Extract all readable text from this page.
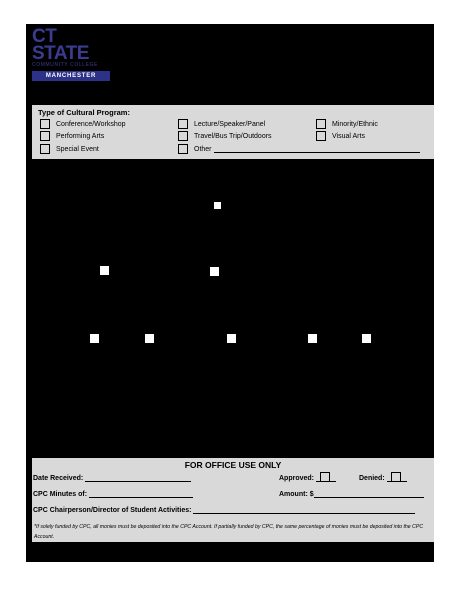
CT STATE
COMMUNITY COLLEGE
MANCHESTER
Type of Cultural Program:
Conference/Workshop
Performing Arts
Special Event
Lecture/Speaker/Panel
Travel/Bus Trip/Outdoors
Other
Minority/Ethnic
Visual Arts
FOR OFFICE USE ONLY
Date Received:	Approved:	Denied:
CPC Minutes of:	Amount: $
CPC Chairperson/Director of Student Activities:
*If solely funded by CPC, all monies must be deposited into the CPC Account. If partially funded by CPC, the same percentage of monies must be deposited into the CPC Account.
MN/CPC/Rev 8-23
